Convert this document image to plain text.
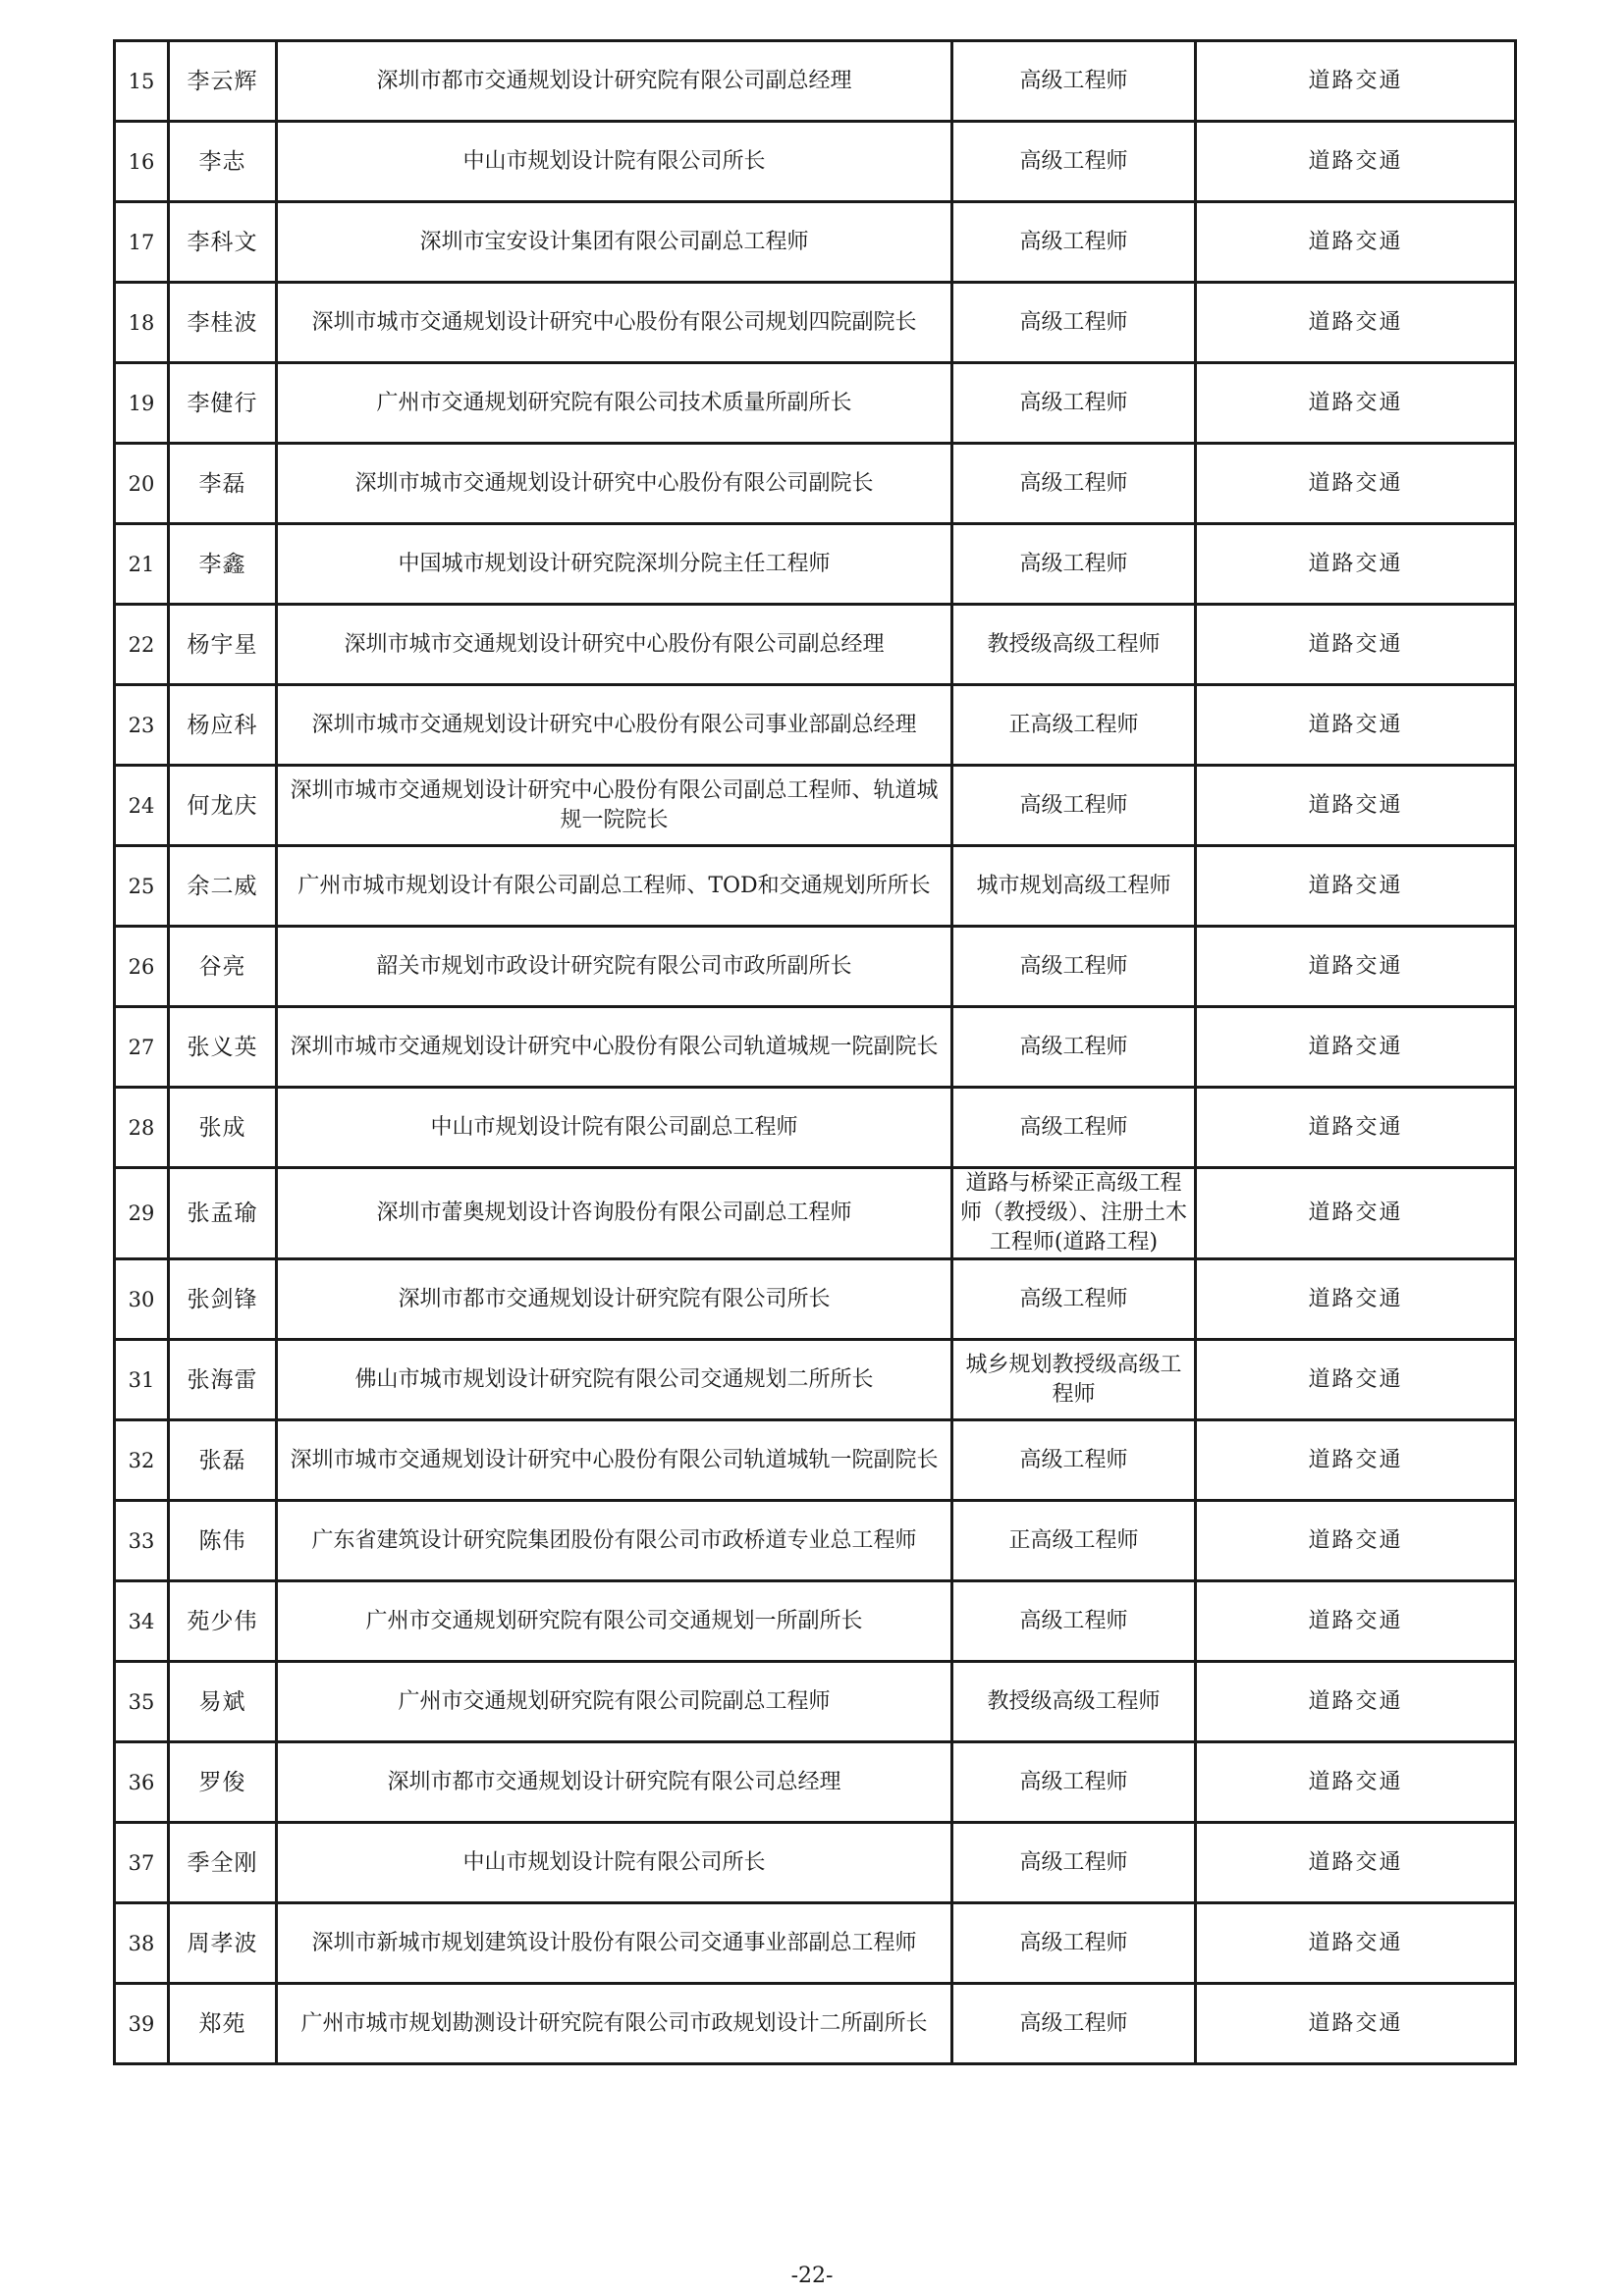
15	李云辉	深圳市都市交通规划设计研究院有限公司副总经理	高级工程师	道路交通
16	李志	中山市规划设计院有限公司所长	高级工程师	道路交通
17	李科文	深圳市宝安设计集团有限公司副总工程师	高级工程师	道路交通
18	李桂波	深圳市城市交通规划设计研究中心股份有限公司规划四院副院长	高级工程师	道路交通
19	李健行	广州市交通规划研究院有限公司技术质量所副所长	高级工程师	道路交通
20	李磊	深圳市城市交通规划设计研究中心股份有限公司副院长	高级工程师	道路交通
21	李鑫	中国城市规划设计研究院深圳分院主任工程师	高级工程师	道路交通
22	杨宇星	深圳市城市交通规划设计研究中心股份有限公司副总经理	教授级高级工程师	道路交通
23	杨应科	深圳市城市交通规划设计研究中心股份有限公司事业部副总经理	正高级工程师	道路交通
24	何龙庆	深圳市城市交通规划设计研究中心股份有限公司副总工程师、轨道城规一院院长	高级工程师	道路交通
25	余二威	广州市城市规划设计有限公司副总工程师、TOD和交通规划所所长	城市规划高级工程师	道路交通
26	谷亮	韶关市规划市政设计研究院有限公司市政所副所长	高级工程师	道路交通
27	张义英	深圳市城市交通规划设计研究中心股份有限公司轨道城规一院副院长	高级工程师	道路交通
28	张成	中山市规划设计院有限公司副总工程师	高级工程师	道路交通
29	张孟瑜	深圳市蕾奥规划设计咨询股份有限公司副总工程师	道路与桥梁正高级工程师（教授级）、注册土木工程师(道路工程)	道路交通
30	张剑锋	深圳市都市交通规划设计研究院有限公司所长	高级工程师	道路交通
31	张海雷	佛山市城市规划设计研究院有限公司交通规划二所所长	城乡规划教授级高级工程师	道路交通
32	张磊	深圳市城市交通规划设计研究中心股份有限公司轨道城轨一院副院长	高级工程师	道路交通
33	陈伟	广东省建筑设计研究院集团股份有限公司市政桥道专业总工程师	正高级工程师	道路交通
34	苑少伟	广州市交通规划研究院有限公司交通规划一所副所长	高级工程师	道路交通
35	易斌	广州市交通规划研究院有限公司院副总工程师	教授级高级工程师	道路交通
36	罗俊	深圳市都市交通规划设计研究院有限公司总经理	高级工程师	道路交通
37	季全刚	中山市规划设计院有限公司所长	高级工程师	道路交通
38	周孝波	深圳市新城市规划建筑设计股份有限公司交通事业部副总工程师	高级工程师	道路交通
39	郑苑	广州市城市规划勘测设计研究院有限公司市政规划设计二所副所长	高级工程师	道路交通
-22-
